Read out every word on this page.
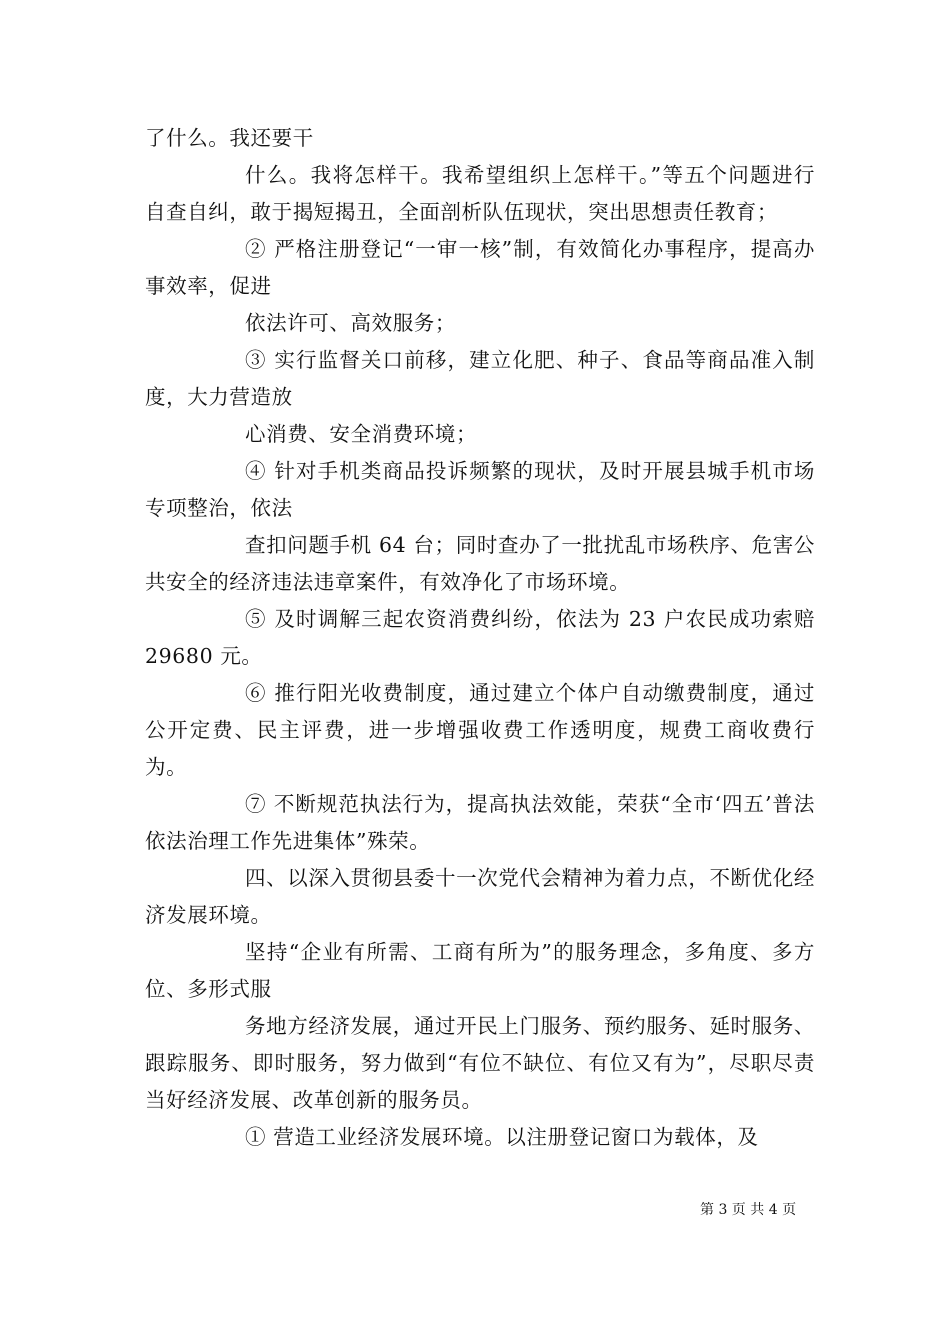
了什么。我还要干

什么。我将怎样干。我希望组织上怎样干。”等五个问题进行自查自纠，敢于揭短揭丑，全面剖析队伍现状，突出思想责任教育；

② 严格注册登记“一审一核”制，有效简化办事程序，提高办事效率，促进

依法许可、高效服务；

③ 实行监督关口前移，建立化肥、种子、食品等商品准入制度，大力营造放

心消费、安全消费环境；

④ 针对手机类商品投诉频繁的现状，及时开展县城手机市场专项整治，依法

查扣问题手机 64 台；同时查办了一批扰乱市场秩序、危害公共安全的经济违法违章案件，有效净化了市场环境。

⑤ 及时调解三起农资消费纠纷，依法为 23 户农民成功索赔 29680 元。

⑥ 推行阳光收费制度，通过建立个体户自动缴费制度，通过公开定费、民主评费，进一步增强收费工作透明度，规费工商收费行为。

⑦ 不断规范执法行为，提高执法效能，荣获“全市‘四五’普法依法治理工作先进集体”殊荣。

四、以深入贯彻县委十一次党代会精神为着力点，不断优化经济发展环境。

坚持“企业有所需、工商有所为”的服务理念，多角度、多方位、多形式服

务地方经济发展，通过开民上门服务、预约服务、延时服务、跟踪服务、即时服务，努力做到“有位不缺位、有位又有为”，尽职尽责当好经济发展、改革创新的服务员。

① 营造工业经济发展环境。以注册登记窗口为载体，及

第 3 页 共 4 页
